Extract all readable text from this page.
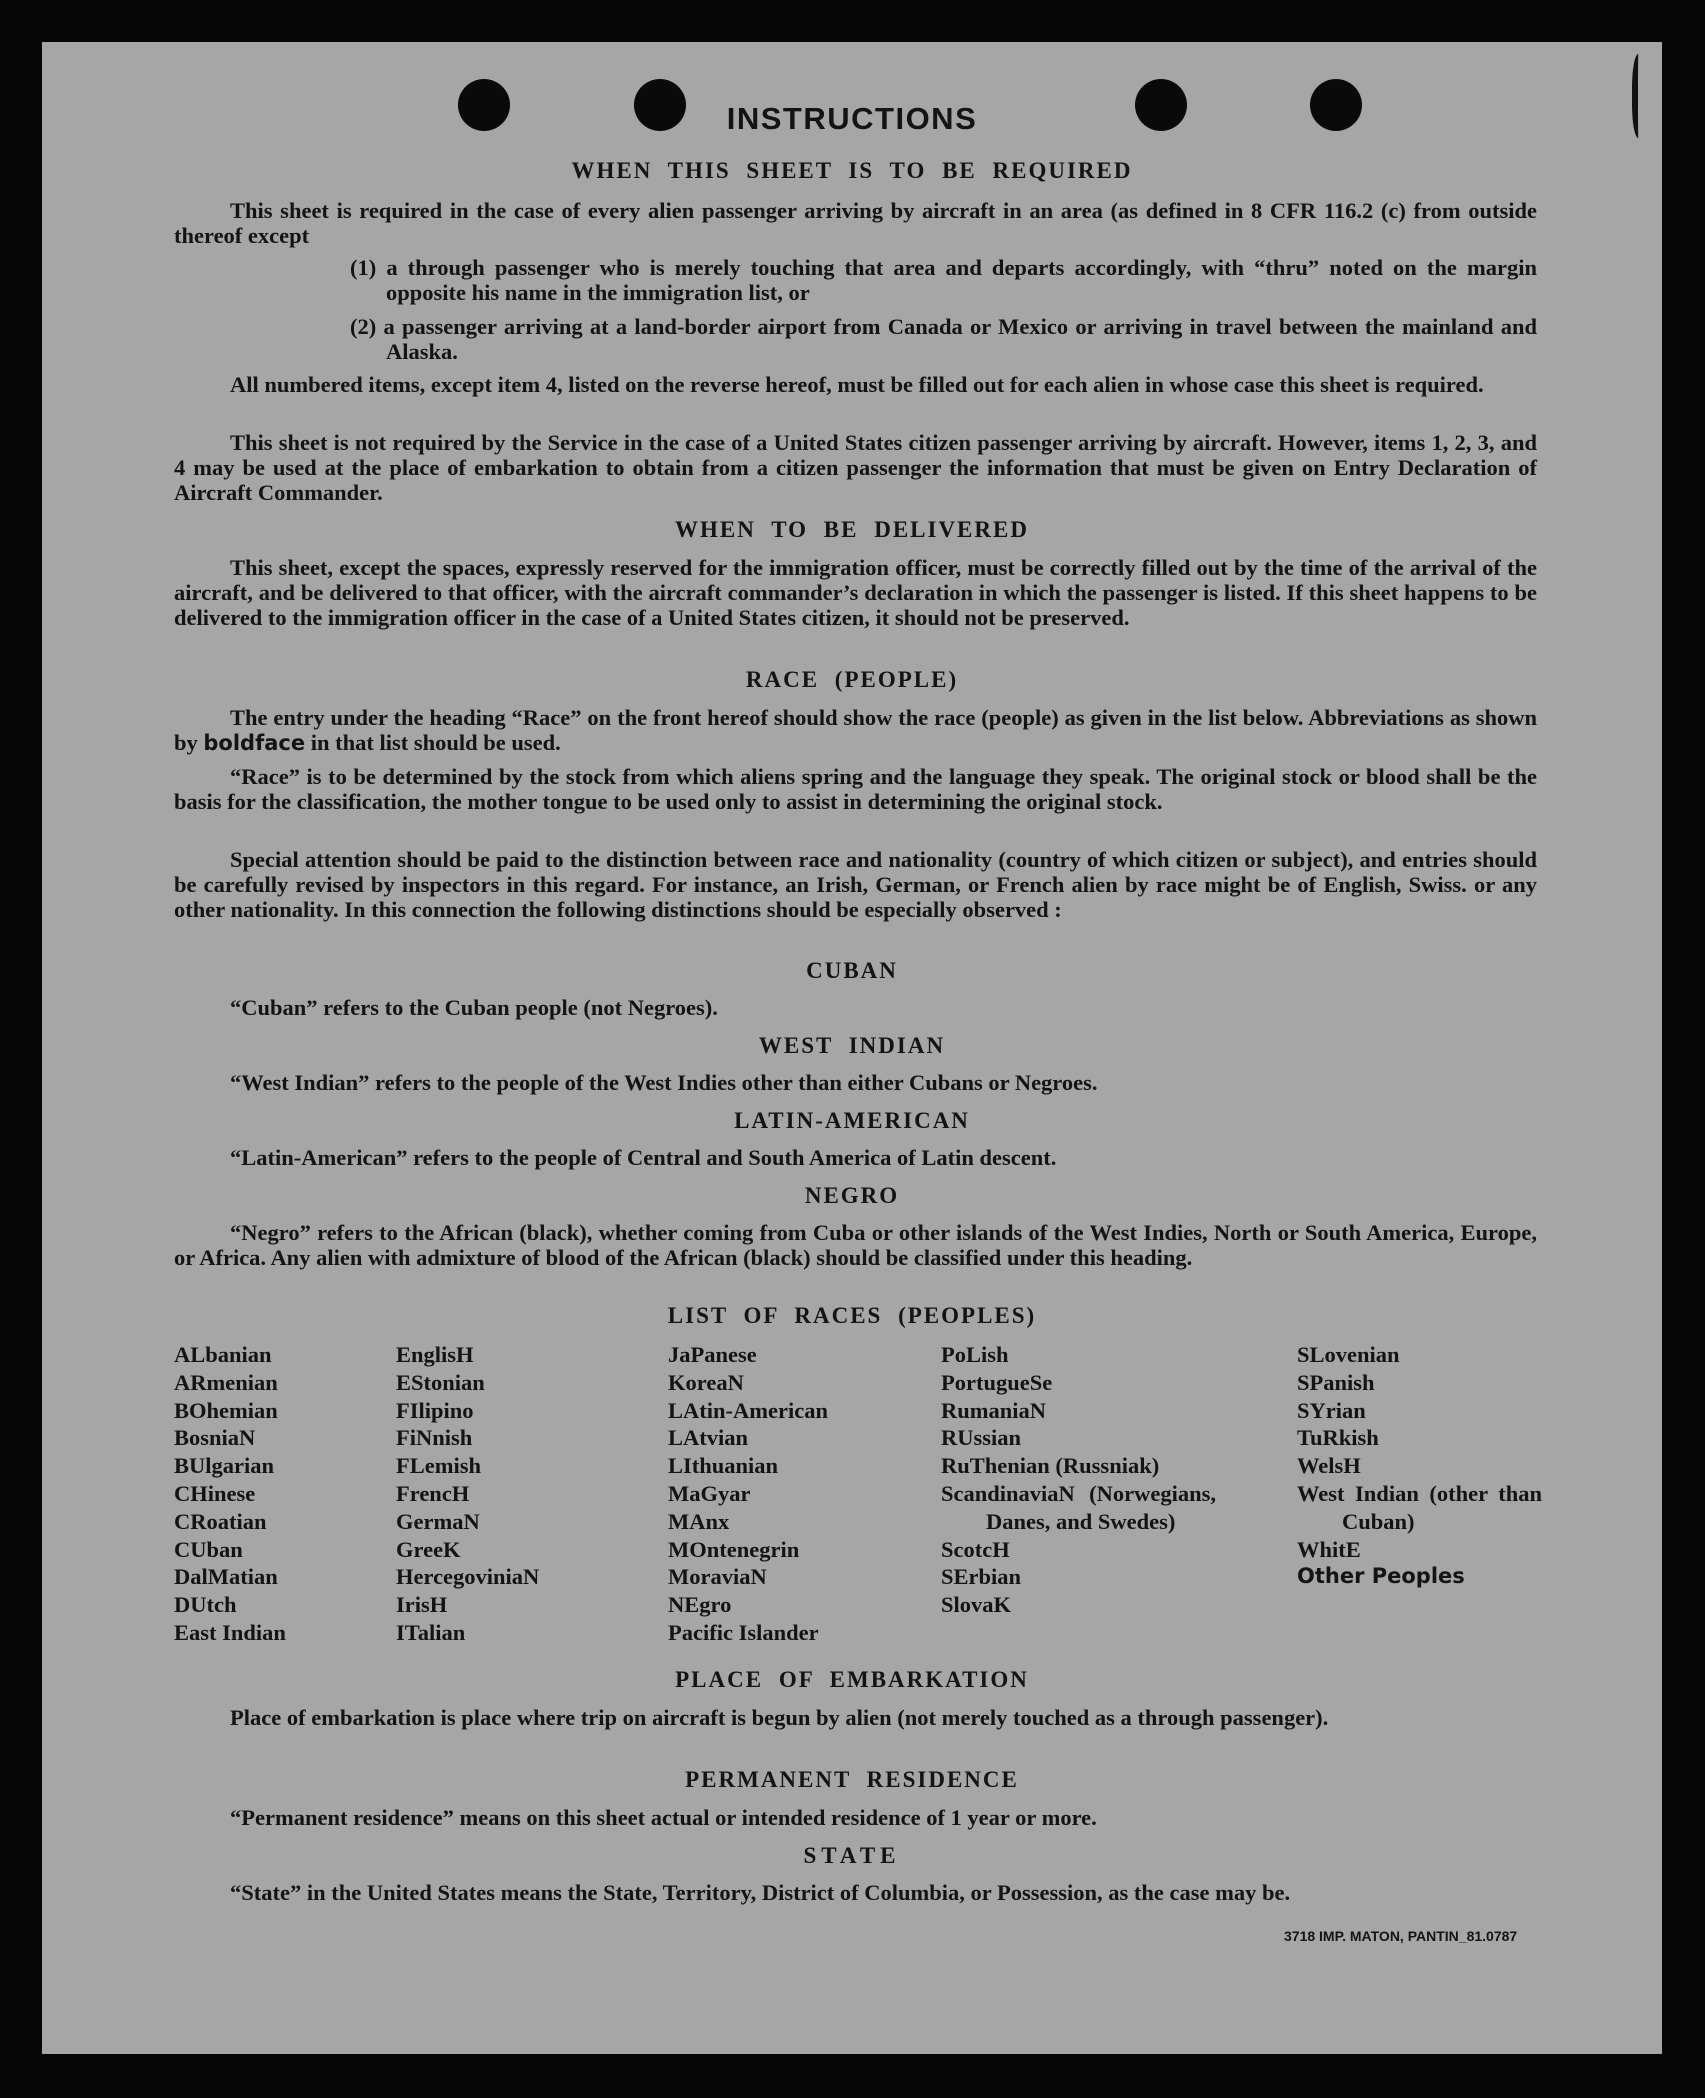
INSTRUCTIONS
WHEN THIS SHEET IS TO BE REQUIRED
This sheet is required in the case of every alien passenger arriving by aircraft in an area (as defined in 8 CFR 116.2 (c) from outside thereof except
(1) a through passenger who is merely touching that area and departs accordingly, with “thru” noted on the margin opposite his name in the immigration list, or
(2) a passenger arriving at a land-border airport from Canada or Mexico or arriving in travel between the mainland and Alaska.
All numbered items, except item 4, listed on the reverse hereof, must be filled out for each alien in whose case this sheet is required.
This sheet is not required by the Service in the case of a United States citizen passenger arriving by aircraft. However, items 1, 2, 3, and 4 may be used at the place of embarkation to obtain from a citizen passenger the information that must be given on Entry Declaration of Aircraft Commander.
WHEN TO BE DELIVERED
This sheet, except the spaces, expressly reserved for the immigration officer, must be correctly filled out by the time of the arrival of the aircraft, and be delivered to that officer, with the aircraft commander’s declaration in which the passenger is listed. If this sheet happens to be delivered to the immigration officer in the case of a United States citizen, it should not be preserved.
RACE (PEOPLE)
The entry under the heading “Race” on the front hereof should show the race (people) as given in the list below. Abbreviations as shown by boldface in that list should be used.
“Race” is to be determined by the stock from which aliens spring and the language they speak. The original stock or blood shall be the basis for the classification, the mother tongue to be used only to assist in determining the original stock.
Special attention should be paid to the distinction between race and nationality (country of which citizen or subject), and entries should be carefully revised by inspectors in this regard. For instance, an Irish, German, or French alien by race might be of English, Swiss. or any other nationality. In this connection the following distinctions should be especially observed :
CUBAN
“Cuban” refers to the Cuban people (not Negroes).
WEST INDIAN
“West Indian” refers to the people of the West Indies other than either Cubans or Negroes.
LATIN-AMERICAN
“Latin-American” refers to the people of Central and South America of Latin descent.
NEGRO
“Negro” refers to the African (black), whether coming from Cuba or other islands of the West Indies, North or South America, Europe, or Africa. Any alien with admixture of blood of the African (black) should be classified under this heading.
LIST OF RACES (PEOPLES)
ALbanian
ARmenian
BOhemian
BosniaN
BUlgarian
CHinese
CRoatian
CUban
DalMatian
DUtch
East Indian
EnglisH
EStonian
FIlipino
FiNnish
FLemish
FrencH
GermaN
GreeK
HercegoviniaN
IrisH
ITalian
JaPanese
KoreaN
LAtin-American
LAtvian
LIthuanian
MaGyar
MAnx
MOntenegrin
MoraviaN
NEgro
Pacific Islander
PoLish
PortugueSe
RumaniaN
RUssian
RuThenian (Russniak)
ScandinaviaN (Norwegians, Danes, and Swedes)
ScotcH
SErbian
SlovaK
SLovenian
SPanish
SYrian
TuRkish
WelsH
West Indian (other than Cuban)
WhitE
Other Peoples
PLACE OF EMBARKATION
Place of embarkation is place where trip on aircraft is begun by alien (not merely touched as a through passenger).
PERMANENT RESIDENCE
“Permanent residence” means on this sheet actual or intended residence of 1 year or more.
STATE
“State” in the United States means the State, Territory, District of Columbia, or Possession, as the case may be.
3718 IMP. MATON, PANTIN_81.0787
